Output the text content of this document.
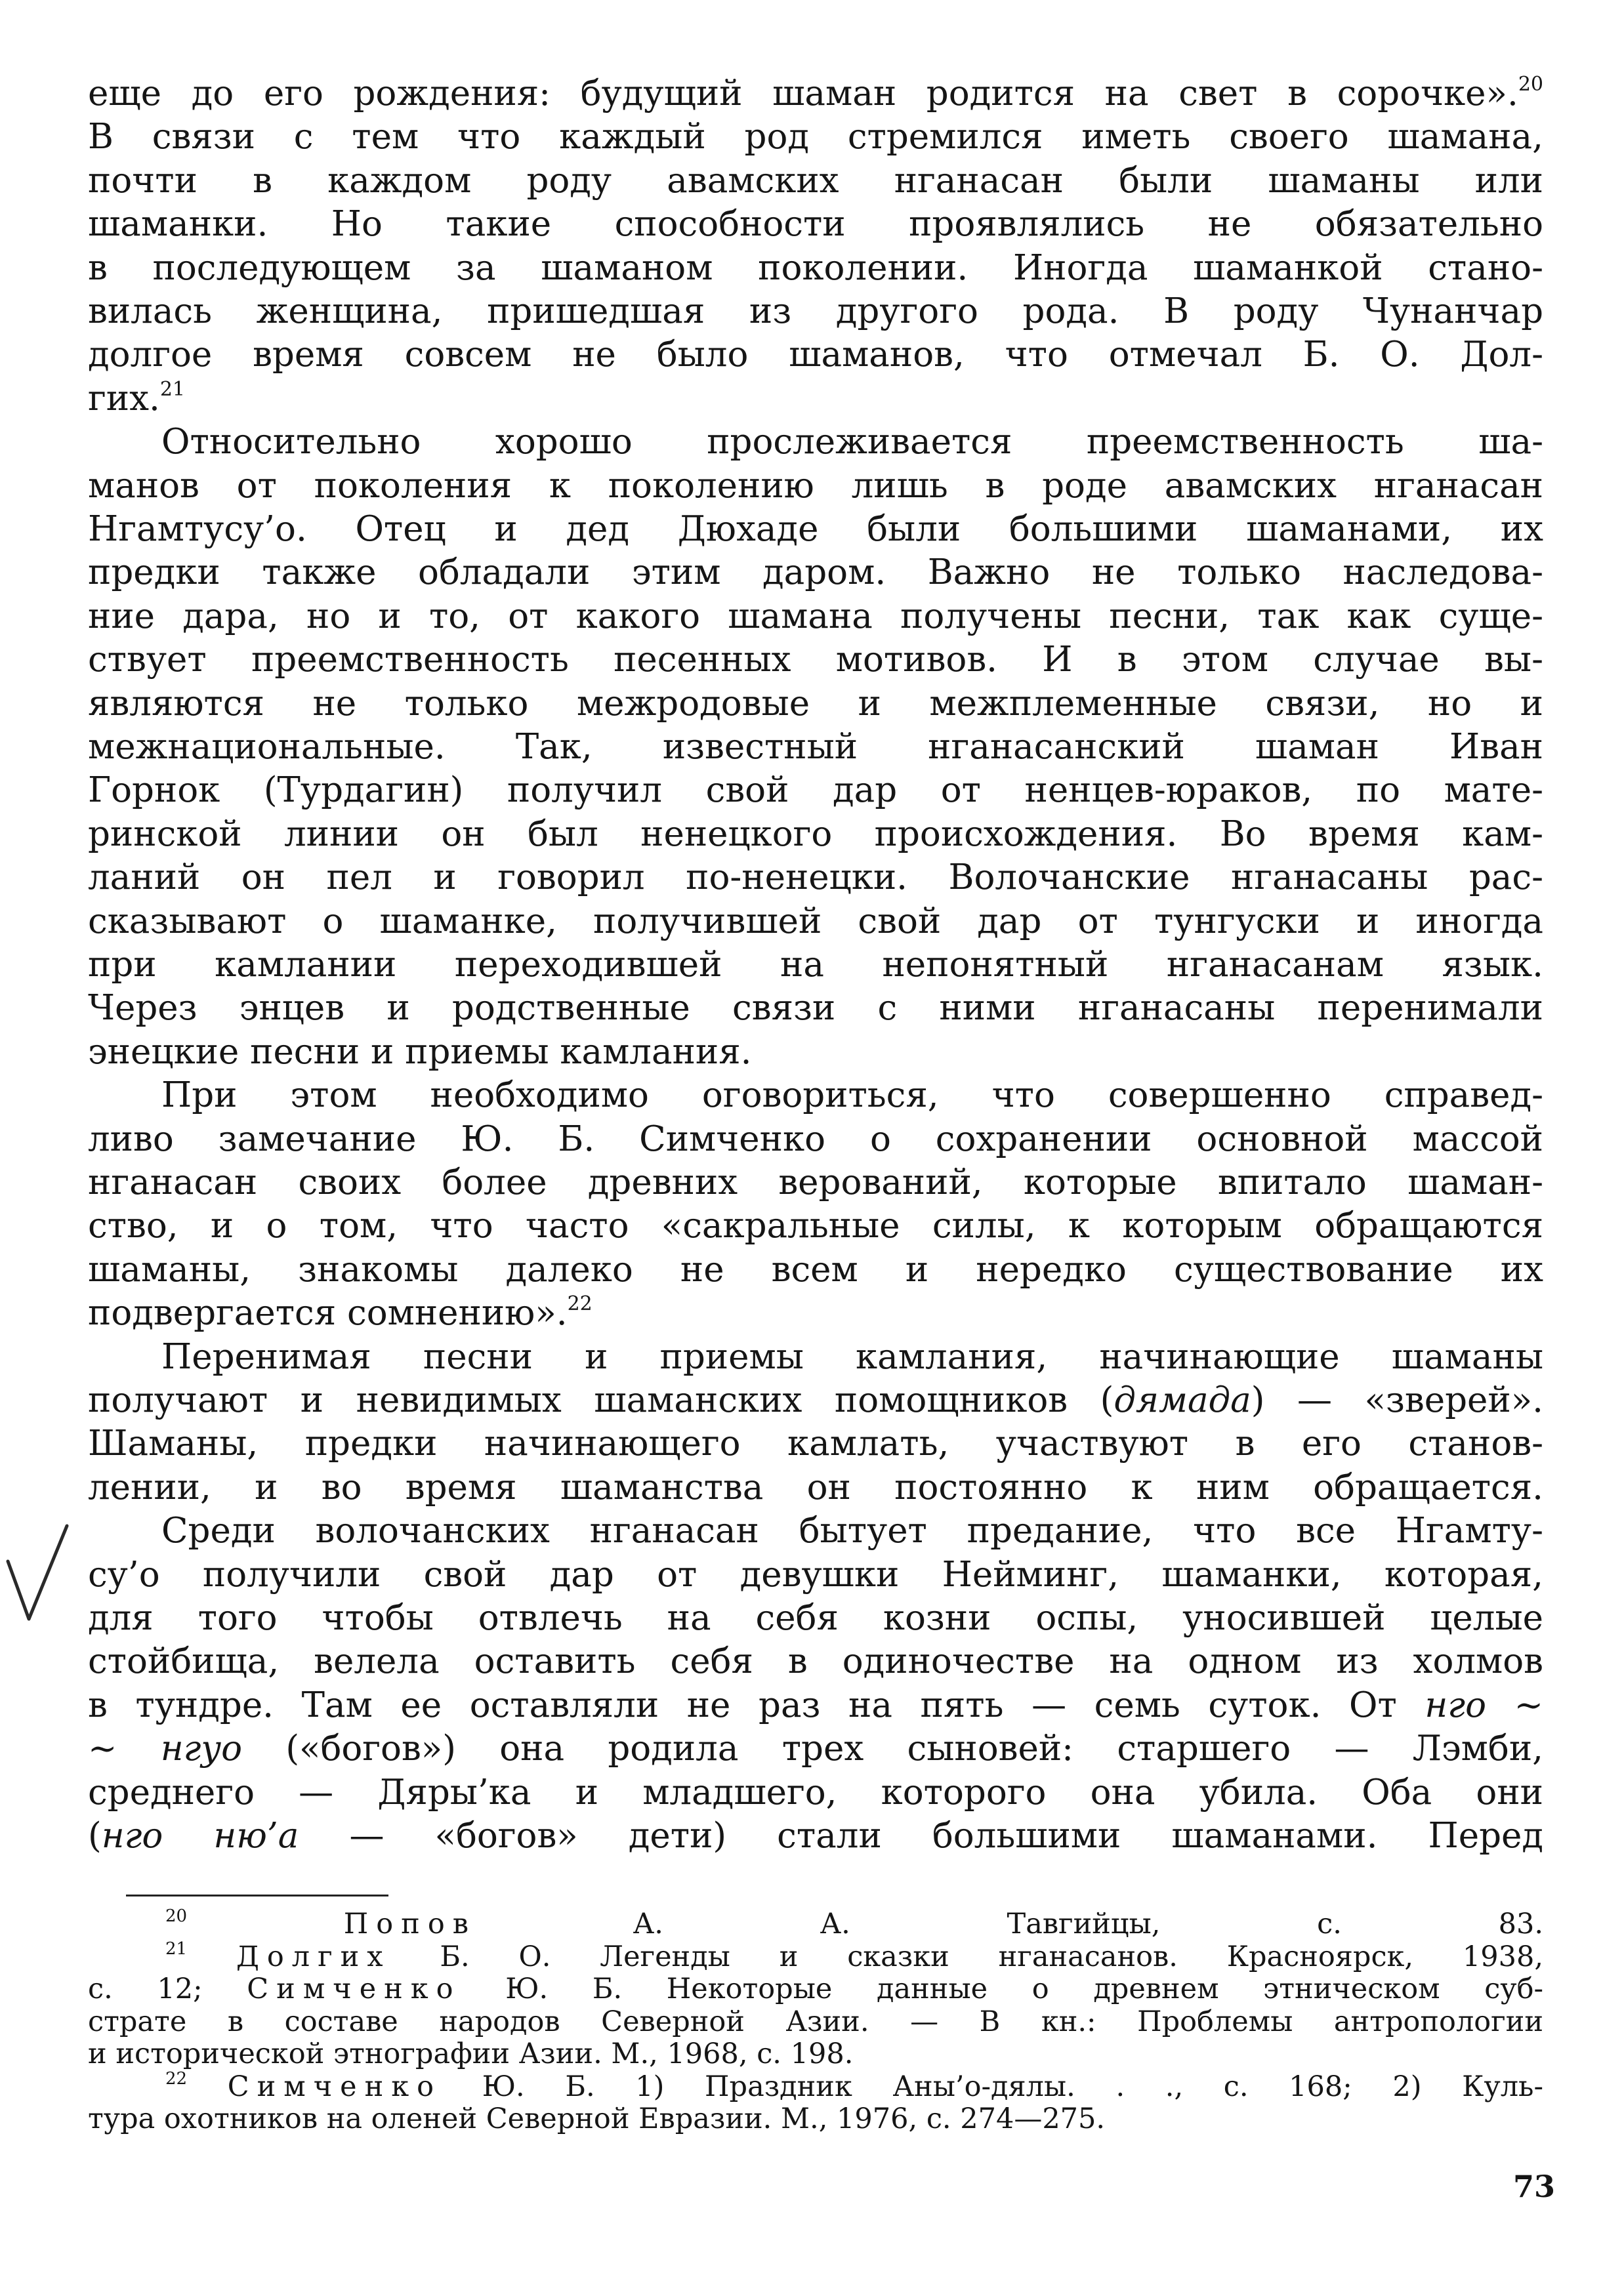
еще до его рождения: будущий шаман родится на свет в сорочке».$^{20}$
В связи с тем что каждый род стремился иметь своего шамана,
почти в каждом роду авамских нганасан были шаманы или
шаманки. Но такие способности проявлялись не обязательно
в последующем за шаманом поколении. Иногда шаманкой стано-
вилась женщина, пришедшая из другого рода. В роду Чунанчар
долгое время совсем не было шаманов, что отмечал Б. О. Дол-
гих.$^{21}$
Относительно хорошо прослеживается преемственность ша-
манов от поколения к поколению лишь в роде авамских нганасан
Нгамтусу’о. Отец и дед Дюхаде были большими шаманами, их
предки также обладали этим даром. Важно не только наследова-
ние дара, но и то, от какого шамана получены песни, так как суще-
ствует преемственность песенных мотивов. И в этом случае вы-
являются не только межродовые и межплеменные связи, но и
межнациональные. Так, известный нганасанский шаман Иван
Горнок (Турдагин) получил свой дар от ненцев-юраков, по мате-
ринской линии он был ненецкого происхождения. Во время кам-
ланий он пел и говорил по-ненецки. Волочанские нганасаны рас-
сказывают о шаманке, получившей свой дар от тунгуски и иногда
при камлании переходившей на непонятный нганасанам язык.
Через энцев и родственные связи с ними нганасаны перенимали
энецкие песни и приемы камлания.
При этом необходимо оговориться, что совершенно справед-
ливо замечание Ю. Б. Симченко о сохранении основной массой
нганасан своих более древних верований, которые впитало шаман-
ство, и о том, что часто «сакральные силы, к которым обращаются
шаманы, знакомы далеко не всем и нередко существование их
подвергается сомнению».$^{22}$
Перенимая песни и приемы камлания, начинающие шаманы
получают и невидимых шаманских помощников (дямада) — «зверей».
Шаманы, предки начинающего камлать, участвуют в его станов-
лении, и во время шаманства он постоянно к ним обращается.
Среди волочанских нганасан бытует предание, что все Нгамту-
су’о получили свой дар от девушки Нейминг, шаманки, которая,
для того чтобы отвлечь на себя козни оспы, уносившей целые
стойбища, велела оставить себя в одиночестве на одном из холмов
в тундре. Там ее оставляли не раз на пять — семь суток. От нго ~
~ нгуо («богов») она родила трех сыновей: старшего — Лэмби,
среднего — Дяры’ка и младшего, которого она убила. Оба они
(нго ню’а — «богов» дети) стали большими шаманами. Перед
$^{20}$	Попов А. А. Тавгийцы, с. 83.
$^{21}$ Долгих Б. О. Легенды и сказки нганасанов. Красноярск, 1938,
с. 12; Симченко Ю. Б. Некоторые данные о древнем этническом суб-
страте в составе народов Северной Азии. — В кн.: Проблемы антропологии
и исторической этнографии Азии. М., 1968, с. 198.
$^{22}$ Симченко Ю. Б. 1) Праздник Аны’о-дялы. . ., с. 168; 2) Куль-
тура охотников на оленей Северной Евразии. М., 1976, с. 274—275.
73
